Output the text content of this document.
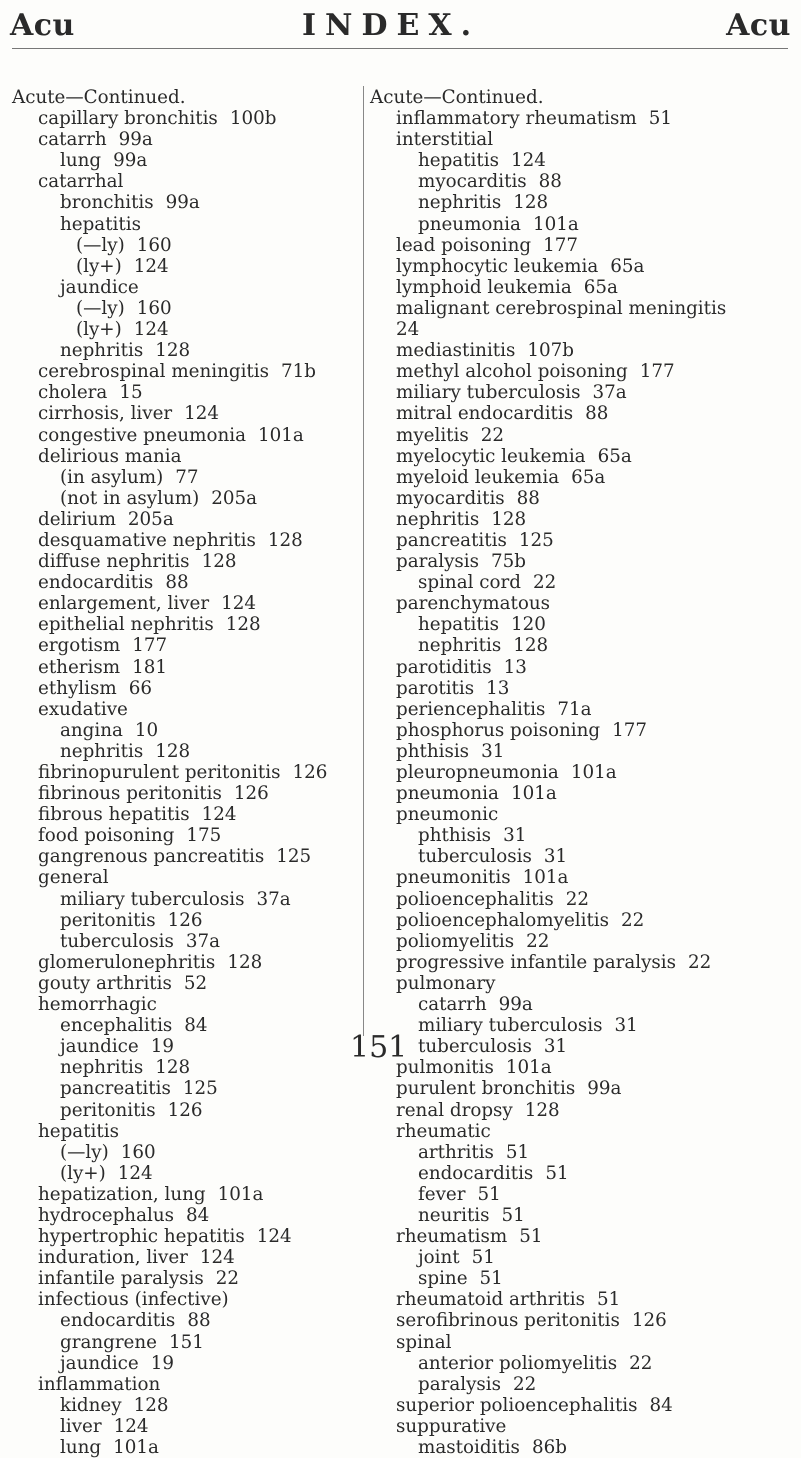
Acu	INDEX.	Acu
Acute—Continued.
capillary bronchitis 100b
catarrh 99a
lung 99a
catarrhal
bronchitis 99a
hepatitis
(—ly) 160
(ly+) 124
jaundice
(—ly) 160
(ly+) 124
nephritis 128
cerebrospinal meningitis 71b
cholera 15
cirrhosis, liver 124
congestive pneumonia 101a
delirious mania
(in asylum) 77
(not in asylum) 205a
delirium 205a
desquamative nephritis 128
diffuse nephritis 128
endocarditis 88
enlargement, liver 124
epithelial nephritis 128
ergotism 177
etherism 181
ethylism 66
exudative
angina 10
nephritis 128
fibrinopurulent peritonitis 126
fibrinous peritonitis 126
fibrous hepatitis 124
food poisoning 175
gangrenous pancreatitis 125
general
miliary tuberculosis 37a
peritonitis 126
tuberculosis 37a
glomerulonephritis 128
gouty arthritis 52
hemorrhagic
encephalitis 84
jaundice 19
nephritis 128
pancreatitis 125
peritonitis 126
hepatitis
(—ly) 160
(ly+) 124
hepatization, lung 101a
hydrocephalus 84
hypertrophic hepatitis 124
induration, liver 124
infantile paralysis 22
infectious (infective)
endocarditis 88
grangrene 151
jaundice 19
inflammation
kidney 128
liver 124
lung 101a
Acute—Continued.
inflammatory rheumatism 51
interstitial
hepatitis 124
myocarditis 88
nephritis 128
pneumonia 101a
lead poisoning 177
lymphocytic leukemia 65a
lymphoid leukemia 65a
malignant cerebrospinal meningitis
24
mediastinitis 107b
methyl alcohol poisoning 177
miliary tuberculosis 37a
mitral endocarditis 88
myelitis 22
myelocytic leukemia 65a
myeloid leukemia 65a
myocarditis 88
nephritis 128
pancreatitis 125
paralysis 75b
spinal cord 22
parenchymatous
hepatitis 120
nephritis 128
parotiditis 13
parotitis 13
periencephalitis 71a
phosphorus poisoning 177
phthisis 31
pleuropneumonia 101a
pneumonia 101a
pneumonic
phthisis 31
tuberculosis 31
pneumonitis 101a
polioencephalitis 22
polioencephalomyelitis 22
poliomyelitis 22
progressive infantile paralysis 22
pulmonary
catarrh 99a
miliary tuberculosis 31
tuberculosis 31
pulmonitis 101a
purulent bronchitis 99a
renal dropsy 128
rheumatic
arthritis 51
endocarditis 51
fever 51
neuritis 51
rheumatism 51
joint 51
spine 51
rheumatoid arthritis 51
serofibrinous peritonitis 126
spinal
anterior poliomyelitis 22
paralysis 22
superior polioencephalitis 84
suppurative
mastoiditis 86b
151
